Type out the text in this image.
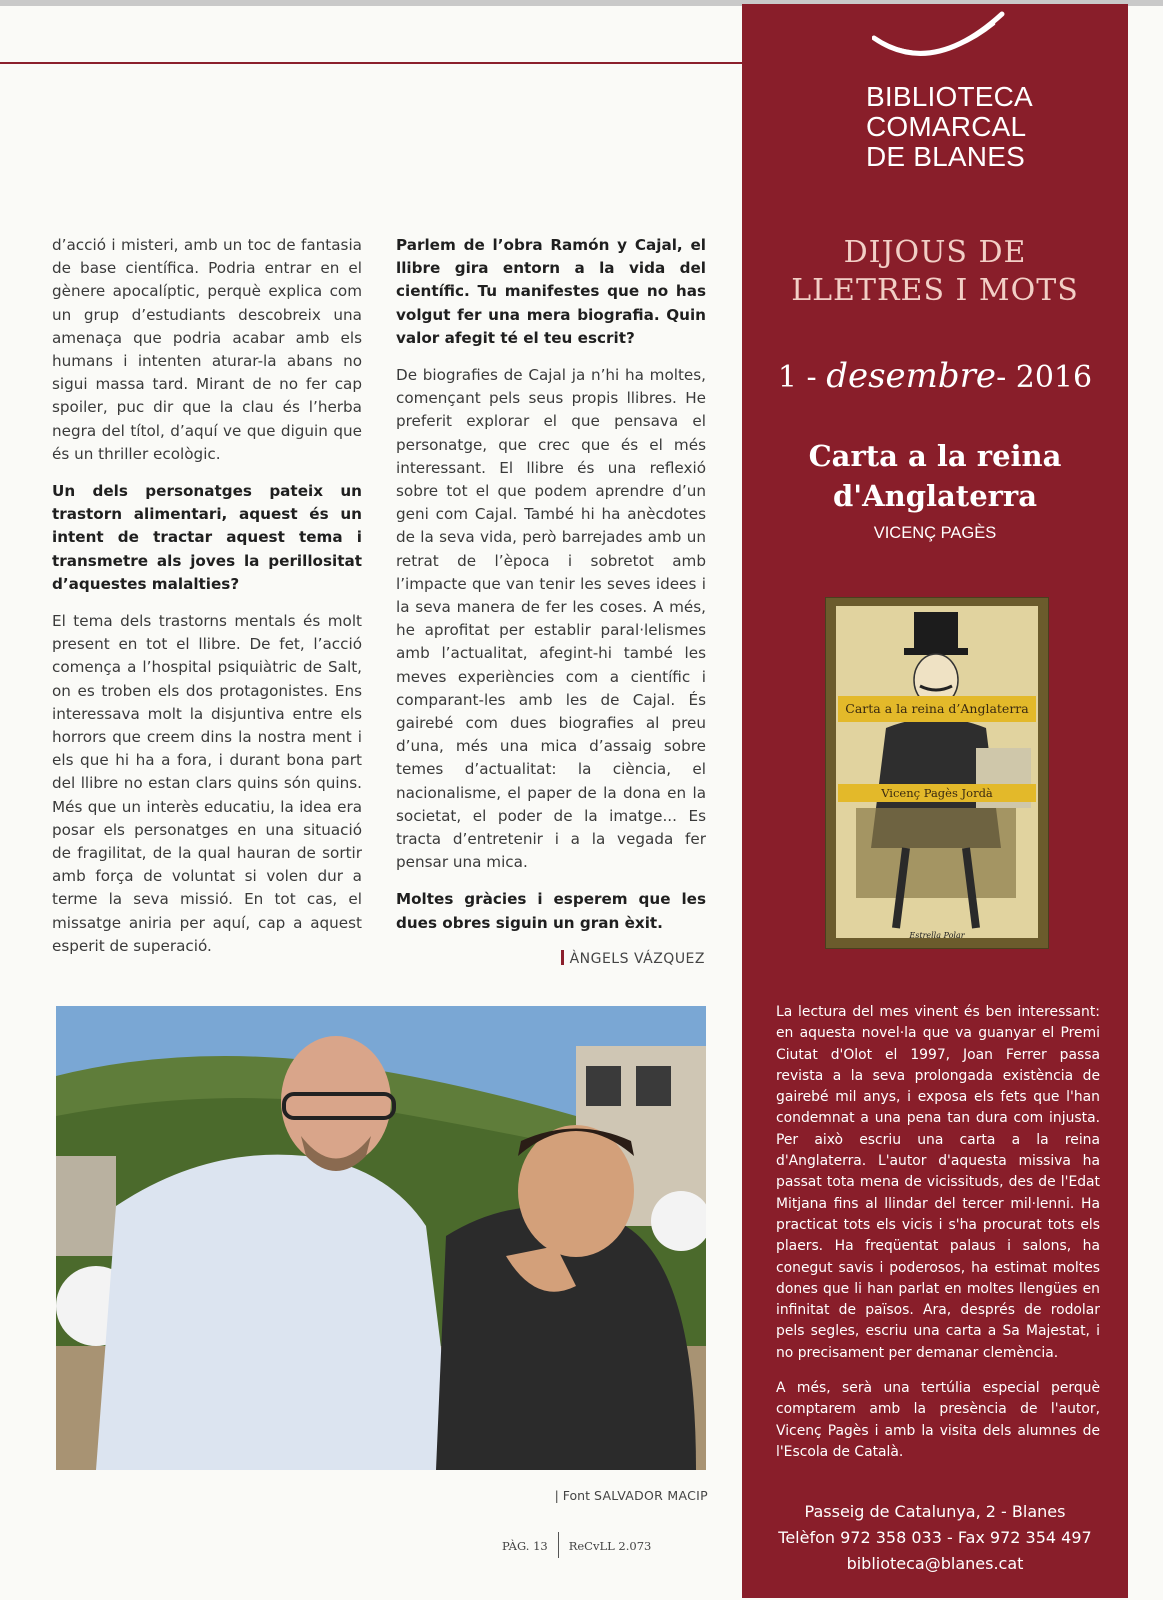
d’acció i misteri, amb un toc de fantasia de base científica. Podria entrar en el gènere apocalíptic, perquè explica com un grup d’estudiants descobreix una amenaça que podria acabar amb els humans i intenten aturar-la abans no sigui massa tard. Mirant de no fer cap spoiler, puc dir que la clau és l’herba negra del títol, d’aquí ve que diguin que és un thriller ecològic.

Un dels personatges pateix un trastorn alimentari, aquest és un intent de tractar aquest tema i transmetre als joves la perillositat d’aquestes malalties?

El tema dels trastorns mentals és molt present en tot el llibre. De fet, l’acció comença a l’hospital psiquiàtric de Salt, on es troben els dos protagonistes. Ens interessava molt la disjuntiva entre els horrors que creem dins la nostra ment i els que hi ha a fora, i durant bona part del llibre no estan clars quins són quins. Més que un interès educatiu, la idea era posar els personatges en una situació de fragilitat, de la qual hauran de sortir amb força de voluntat si volen dur a terme la seva missió. En tot cas, el missatge aniria per aquí, cap a aquest esperit de superació.

Parlem de l’obra Ramón y Cajal, el llibre gira entorn a la vida del científic. Tu manifestes que no has volgut fer una mera biografia. Quin valor afegit té el teu escrit?

De biografies de Cajal ja n’hi ha moltes, començant pels seus propis llibres. He preferit explorar el que pensava el personatge, que crec que és el més interessant. El llibre és una reflexió sobre tot el que podem aprendre d’un geni com Cajal. També hi ha anècdotes de la seva vida, però barrejades amb un retrat de l’època i sobretot amb l’impacte que van tenir les seves idees i la seva manera de fer les coses. A més, he aprofitat per establir paral·lelismes amb l’actualitat, afegint-hi també les meves experiències com a científic i comparant-les amb les de Cajal. És gairebé com dues biografies al preu d’una, més una mica d’assaig sobre temes d’actualitat: la ciència, el nacionalisme, el paper de la dona en la societat, el poder de la imatge... Es tracta d’entretenir i a la vegada fer pensar una mica.

Moltes gràcies i esperem que les dues obres siguin un gran èxit.

ÀNGELS VÁZQUEZ
| Font SALVADOR MACIP
PÀG. 13 ReCvLL 2.073
BIBLIOTECA
COMARCAL
DE BLANES
DIJOUS DE
LLETRES I MOTS
1 - desembre- 2016
Carta a la reina
d'Anglaterra
VICENÇ PAGÈS
Carta a la reina d’Anglaterra
Vicenç Pagès Jordà
Estrella Polar

La lectura del mes vinent és ben interessant: en aquesta novel·la que va guanyar el Premi Ciutat d'Olot el 1997, Joan Ferrer passa revista a la seva prolongada existència de gairebé mil anys, i exposa els fets que l'han condemnat a una pena tan dura com injusta. Per això escriu una carta a la reina d'Anglaterra. L'autor d'aquesta missiva ha passat tota mena de vicissituds, des de l'Edat Mitjana fins al llindar del tercer mil·lenni. Ha practicat tots els vicis i s'ha procurat tots els plaers. Ha freqüentat palaus i salons, ha conegut savis i poderosos, ha estimat moltes dones que li han parlat en moltes llengües en infinitat de països. Ara, després de rodolar pels segles, escriu una carta a Sa Majestat, i no precisament per demanar clemència.

A més, serà una tertúlia especial perquè comptarem amb la presència de l'autor, Vicenç Pagès i amb la visita dels alumnes de l'Escola de Català.

Passeig de Catalunya, 2 - Blanes
Telèfon 972 358 033 - Fax 972 354 497
biblioteca@blanes.cat
